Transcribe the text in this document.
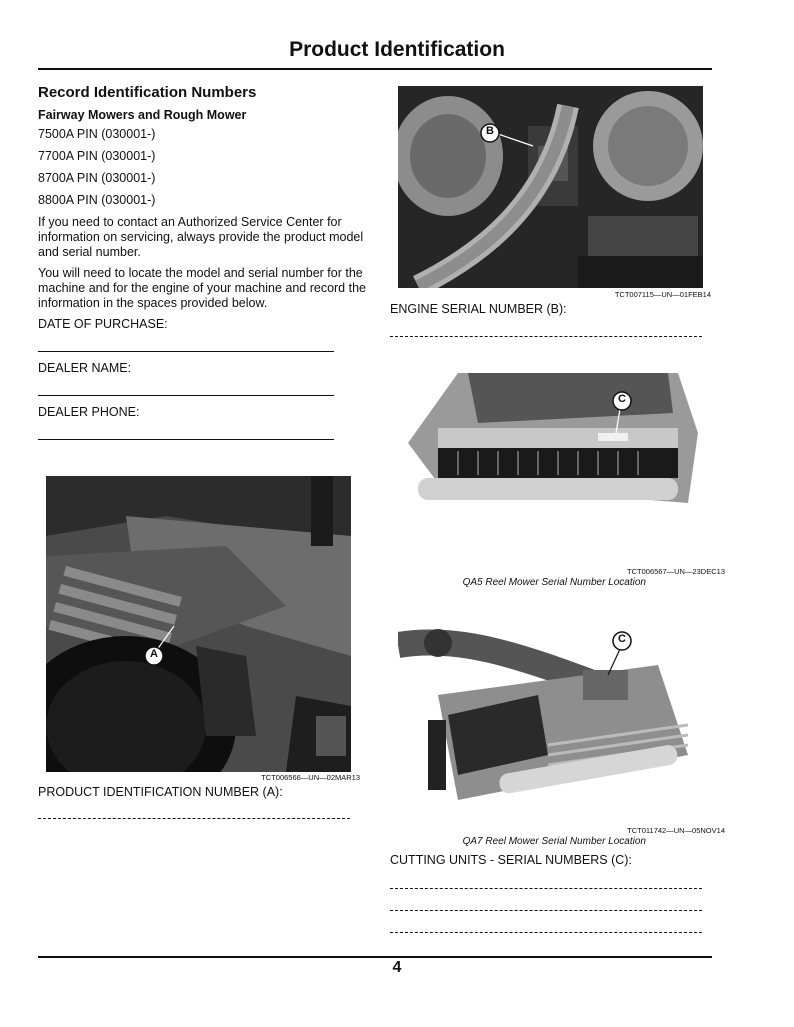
Product Identification
Record Identification Numbers
Fairway Mowers and Rough Mower
7500A PIN (030001-)
7700A PIN (030001-)
8700A PIN (030001-)
8800A PIN (030001-)
If you need to contact an Authorized Service Center for information on servicing, always provide the product model and serial number.
You will need to locate the model and serial number for the machine and for the engine of your machine and record the information in the spaces provided below.
DATE OF PURCHASE:
DEALER NAME:
DEALER PHONE:
A
TCT006566—UN—02MAR13
PRODUCT IDENTIFICATION NUMBER (A):
B
TCT007115—UN—01FEB14
ENGINE SERIAL NUMBER (B):
C
TCT006567—UN—23DEC13
QA5 Reel Mower Serial Number Location
C
TCT011742—UN—05NOV14
QA7 Reel Mower Serial Number Location
CUTTING UNITS - SERIAL NUMBERS (C):
4
